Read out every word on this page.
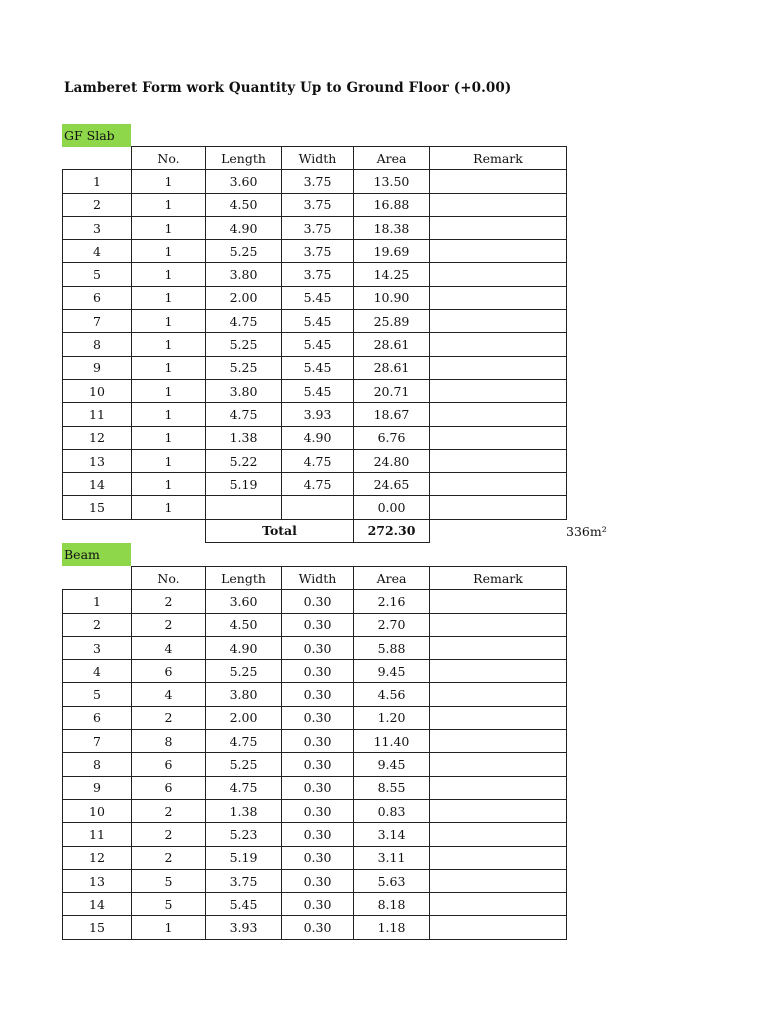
Lamberet Form work Quantity Up to Ground Floor (+0.00)
GF Slab
	No.	Length	Width	Area	Remark
1	1	3.60	3.75	13.50	
2	1	4.50	3.75	16.88	
3	1	4.90	3.75	18.38	
4	1	5.25	3.75	19.69	
5	1	3.80	3.75	14.25	
6	1	2.00	5.45	10.90	
7	1	4.75	5.45	25.89	
8	1	5.25	5.45	28.61	
9	1	5.25	5.45	28.61	
10	1	3.80	5.45	20.71	
11	1	4.75	3.93	18.67	
12	1	1.38	4.90	6.76	
13	1	5.22	4.75	24.80	
14	1	5.19	4.75	24.65	
15	1			0.00	
		Total		272.30		336m²
Beam
	No.	Length	Width	Area	Remark
1	2	3.60	0.30	2.16	
2	2	4.50	0.30	2.70	
3	4	4.90	0.30	5.88	
4	6	5.25	0.30	9.45	
5	4	3.80	0.30	4.56	
6	2	2.00	0.30	1.20	
7	8	4.75	0.30	11.40	
8	6	5.25	0.30	9.45	
9	6	4.75	0.30	8.55	
10	2	1.38	0.30	0.83	
11	2	5.23	0.30	3.14	
12	2	5.19	0.30	3.11	
13	5	3.75	0.30	5.63	
14	5	5.45	0.30	8.18	
15	1	3.93	0.30	1.18	
